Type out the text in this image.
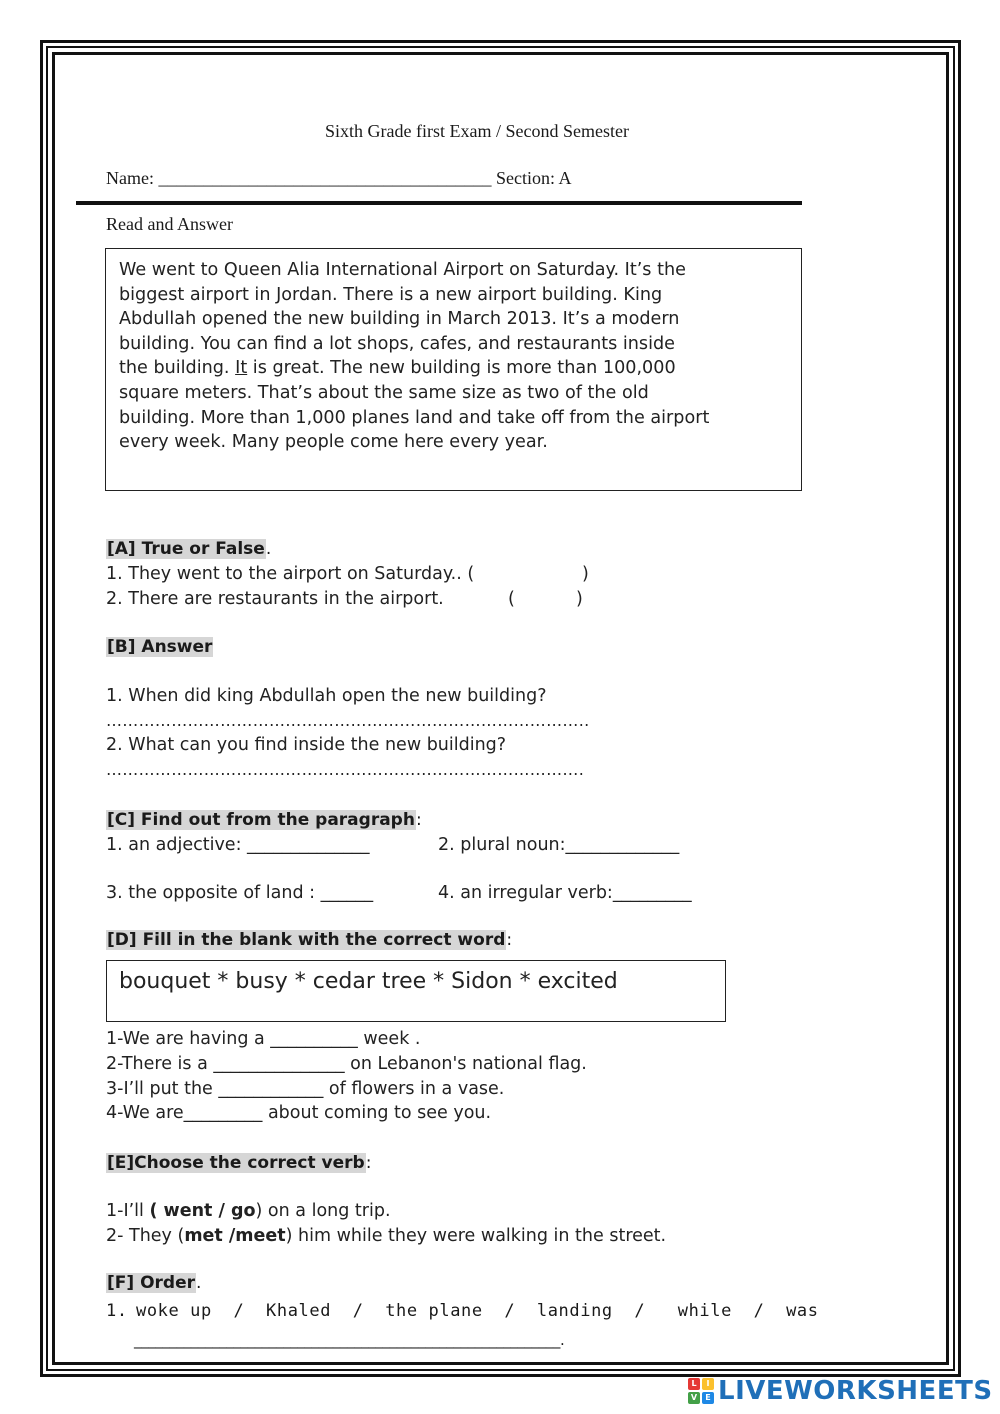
Sixth Grade first Exam / Second Semester
Name: _____________________________________ Section: A
Read and Answer
We went to Queen Alia International Airport on Saturday. It’s the
biggest airport in Jordan. There is a new airport building. King
Abdullah opened the new building in March 2013. It’s a modern
building. You can find a lot shops, cafes, and restaurants inside
the building. It is great. The new building is more than 100,000
square meters. That’s about the same size as two of the old
building. More than 1,000 planes land and take off from the airport
every week. Many people come here every year.
[A] True or False.
1. They went to the airport on Saturday.. (	)
2. There are restaurants in the airport.	(	)
[B] Answer
1. When did king Abdullah open the new building?
……………………………………………………………………………..
2. What can you find inside the new building?
…………………………………………………………………………….
[C] Find out from the paragraph:
1. an adjective: ______________	2. plural noun:_____________
3. the opposite of land : ______	4. an irregular verb:_________
[D] Fill in the blank with the correct word:
bouquet * busy * cedar tree * Sidon * excited
1-We are having a __________ week .
2-There is a _______________ on Lebanon's national flag.
3-I’ll put the ____________ of flowers in a vase.
4-We are_________ about coming to see you.
[E]Choose the correct verb:
1-I’ll ( went / go) on a long trip.
2- They (met /meet) him while they were walking in the street.
[F] Order.
1. woke up  /  Khaled  /  the plane  /  landing  /   while  /  was
____________________________________________________________.
L	I
V	E LIVEWORKSHEETS
